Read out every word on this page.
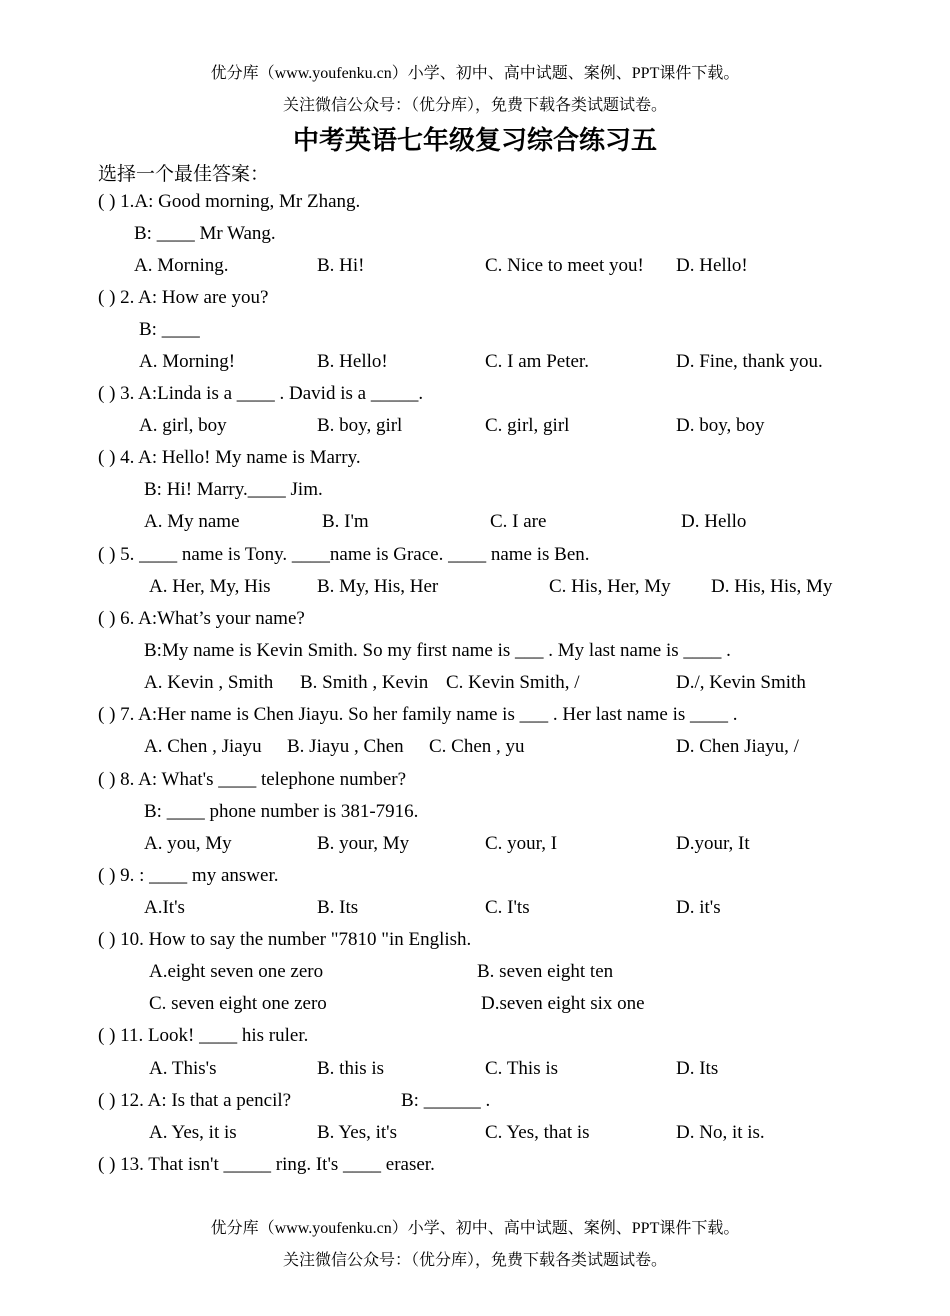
优分库（www.youfenku.cn）小学、初中、高中试题、案例、PPT课件下载。
关注微信公众号：（优分库），免费下载各类试题试卷。
中考英语七年级复习综合练习五
选择一个最佳答案：
( ) 1.A: Good morning, Mr Zhang.
B: ____ Mr Wang.
A. Morning.	B. Hi!	C. Nice to meet you! D. Hello!
( ) 2. A: How are you?
B: ____
A. Morning!	B. Hello!	C. I am Peter.	D. Fine, thank you.
( ) 3. A:Linda is a ____ . David is a _____.
A. girl, boy	B. boy, girl	C. girl, girl	D. boy, boy
( ) 4. A: Hello! My name is Marry.
B: Hi! Marry.____ Jim.
A. My name	B. I'm	C. I are	D. Hello
( ) 5. ____ name is Tony. ____name is Grace. ____ name is Ben.
A. Her, My, His B. My, His, Her	C. His, Her, My D. His, His, My
( ) 6. A:What’s your name?
B:My name is Kevin Smith. So my first name is ___ . My last name is ____ .
A. Kevin , Smith B. Smith , Kevin C. Kevin Smith, /	D./, Kevin Smith
( ) 7. A:Her name is Chen Jiayu. So her family name is ___ . Her last name is ____ .
A. Chen , Jiayu B. Jiayu , Chen C. Chen , yu	D. Chen Jiayu, /
( ) 8. A: What's ____ telephone number?
B: ____ phone number is 381-7916.
A. you, My	B. your, My	C. your, I	D.your, It
( ) 9. : ____ my answer.
A.It's	B. Its	C. I'ts	D. it's
( ) 10. How to say the number "7810 "in English.
A.eight seven one zero	B. seven eight ten
C. seven eight one zero	D.seven eight six one
( ) 11. Look! ____ his ruler.
A. This's	B. this is	C. This is	D. Its
( ) 12. A: Is that a pencil?	B: ______ .
A. Yes, it is	B. Yes, it's	C. Yes, that is	D. No, it is.
( ) 13. That isn't _____ ring. It's ____ eraser.
优分库（www.youfenku.cn）小学、初中、高中试题、案例、PPT课件下载。
关注微信公众号：（优分库），免费下载各类试题试卷。
